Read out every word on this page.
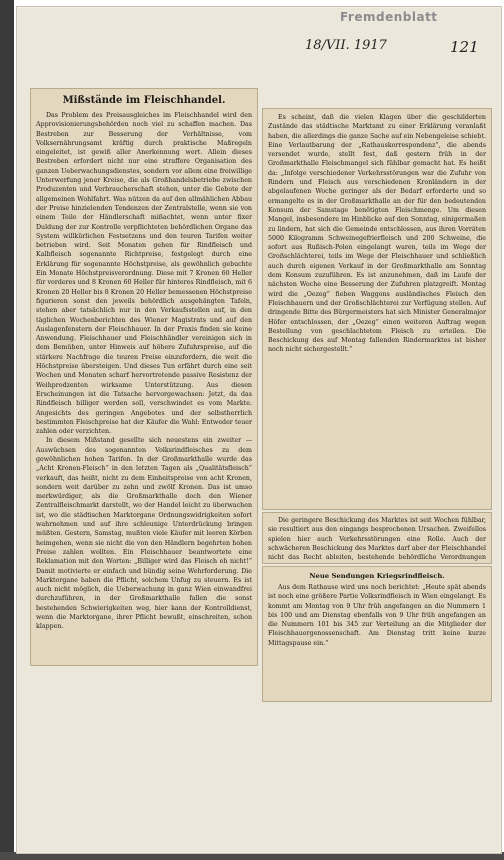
Fremdenblatt
18/VII. 1917	121
Mißstände im Fleischhandel.
Das Problem des Preisausgleiches im Fleischhandel wird den Approvisionierungsbehörden noch viel zu schaffen machen. Das Bestreben zur Besserung der Verhältnisse, vom Volksernährungsamt kräftig durch praktische Maßregeln eingeleitet, ist gewiß aller Anerkennung wert. Allein dieses Bestreben erfordert nicht nur eine straffere Organisation des ganzen Ueberwachungsdienstes, sondern vor allem eine freiwillige Unterwerfung jener Kreise, die als Großhandelsbetriebe zwischen Produzenten und Verbraucherschaft stehen, unter die Gebote der allgemeinen Wohlfahrt. Was nützen da auf den allmählichen Abbau der Preise hinzielenden Tendenzen der Zentralstelle, wenn sie von einem Teile der Händlerschaft mißachtet, wenn unter fixer Duldung der zur Kontrolle verpflichteten behördlichen Organe das System willkürlichen Festsetzens und den teuren Tarifen weiter betrieben wird. Seit Monaten gehen für Rindfleisch und Kalbfleisch sogenannte Richtpreise, festgelegt durch eine Erklärung für sogenannte Höchstpreise, als gewöhnlich gebuchte Ein Monate Höchstpreisverordnung. Diese mit 7 Kronen 60 Heller für vorderes und 8 Kronen 60 Heller für hinteres Rindfleisch, mit 6 Kronen 20 Heller bis 8 Kronen 20 Heller bemessenen Höchstpreise figurieren sonst den jeweils behördlich ausgehängten Tafeln, stehen aber tatsächlich nur in den Verkaufsstellen auf, in den täglichen Wochenberichten des Wiener Magistrats und auf den Auslagenfenstern der Fleischhauer. In der Praxis finden sie keine Anwendung. Fleischhauer und Fleischhändler vereinigen sich in dem Bemühen, unter Hinweis auf höhere Zufuhrspreise, auf die stärkere Nachfrage die teuren Preise einzufordern, die weit die Höchstpreise übersteigen. Und dieses Tun erfährt durch eine seit Wochen und Monaten scharf hervortretende passive Resistenz der Weihprodzenten wirksame Unterstützung. Aus diesen Erscheinungen ist die Tatsache hervorgewachsen: Jetzt, da das Rindfleisch billiger werden soll, verschwindet es vom Markte. Angesichts des geringen Angebotes und der selbstherrlich bestimmten Fleischpreise hat der Käufer die Wahl: Entweder teuer zahlen oder verzichten.
In diesem Mißstand gesellte sich neuestens ein zweiter — Auswüchsen des sogenannten Volksrindfleisches zu dem gewöhnlichen hohen Tarifen. In der Großmarkthalle wurde das „Acht Kronen-Fleisch“ in den letzten Tagen als „Qualitätsfleisch“ verkauft, das heißt, nicht zu dem Einheitspreise von acht Kronen, sondern weit darüber zu zehn und zwölf Kronen. Das ist umso merkwürdiger, als die Großmarkthalle doch den Wiener Zentralfleischmarkt darstellt, wo der Handel leicht zu überwachen ist, wo die städtischen Marktorgane Ordnungswidrigkeiten sofort wahrnehmen und auf ihre schleunige Unterdrückung bringen müßten. Gestern, Samstag, mußten viele Käufer mit leeren Körben heimgehen, wenn sie nicht die von den Händlern begehrten hohen Preise zahlen wollten. Ein Fleischhauer beantwortete eine Reklamation mit den Worten: „Billiger wird das Fleisch eh nicht!“ Damit motivierte er einfach und bündig seine Wehrforderung. Die Marktorgane haben die Pflicht, solchem Unfug zu steuern. Es ist auch nicht möglich, die Ueberwachung in ganz Wien einwandfrei durchzuführen, in der Großmarkthalle fallen die sonst bestehenden Schwierigkeiten weg, hier kann der Kontrolldienst, wenn die Marktorgane, ihrer Pflicht bewußt, einschreiten, schon klappen.
Es scheint, daß die vielen Klagen über die geschilderten Zustände das städtische Marktamt zu einer Erklärung veranlaßt haben, die allerdings die ganze Sache auf ein Nebengeleise schiebt. Eine Verlautbarung der „Rathauskorrespondenz“, die abends versendet wurde, stellt fest, daß gestern früh in der Großmarkthalle Fleischmangel sich fühlbar gemacht hat. Es heißt da: „Infolge verschiedener Verkehrsstörungen war die Zufuhr von Rindern und Fleisch aus verschiedenen Kronländern in der abgelaufenen Woche geringer als der Bedarf erforderte und so ermangelte es in der Großmarkthalle an der für den bedeutenden Konsum der Samstage benötigten Fleischmenge. Um diesen Mangel, insbesondere im Hinblicke auf den Sonntag, einigermaßen zu lindern, hat sich die Gemeinde entschlossen, aus ihren Vorräten 5000 Kilogramm Schweinegefrierfleisch und 200 Schweine, die sofort aus Rußisch-Polen eingelangt waren, teils im Wege der Großschlächterei, teils im Wege der Fleischhauer und schließlich auch durch eigenen Verkauf in der Großmarkthalle am Sonntag dem Konsum zuzuführen. Es ist anzunehmen, daß im Laufe der nächsten Woche eine Besserung der Zufuhren platzgreift. Montag wird die „Oezeg“ fieben Waggons ausländisches Fleisch den Fleischhauern und der Großschlächterei zur Verfügung stellen. Auf dringende Bitte des Bürgermeisters hat sich Minister Generalmajor Höfer entschlossen, der „Oezeg“ einen weiteren Auftrag wegen Bestellung von geschlachtetem Fleisch zu erteilen. Die Beschickung des auf Montag fallenden Rindermarktes ist bisher noch nicht sichergestellt.“
Die geringere Beschickung des Marktes ist seit Wochen fühlbar, sie resultiert aus den eingangs besprochenen Ursachen. Zweifellos spielen hier auch Verkehrsstörungen eine Rolle. Auch der schwächeren Beschickung des Marktes darf aber der Fleischhandel nicht das Recht ableiten, bestehende behördliche Verordnungen
Neue Sendungen Kriegsrindfleisch.
Aus dem Rathause wird uns noch berichtet: „Heute spät abends ist noch eine größere Partie Volksrindfleisch in Wien eingelangt. Es kommt am Montag von 9 Uhr früh angefangen an die Nummern 1 bis 100 und am Dienstag ebenfalls von 9 Uhr früh angefangen an die Nummern 101 bis 345 zur Verteilung an die Mitglieder der Fleischhauergenossenschaft. Am Dienstag tritt keine kurze Mittagspause ein.“
